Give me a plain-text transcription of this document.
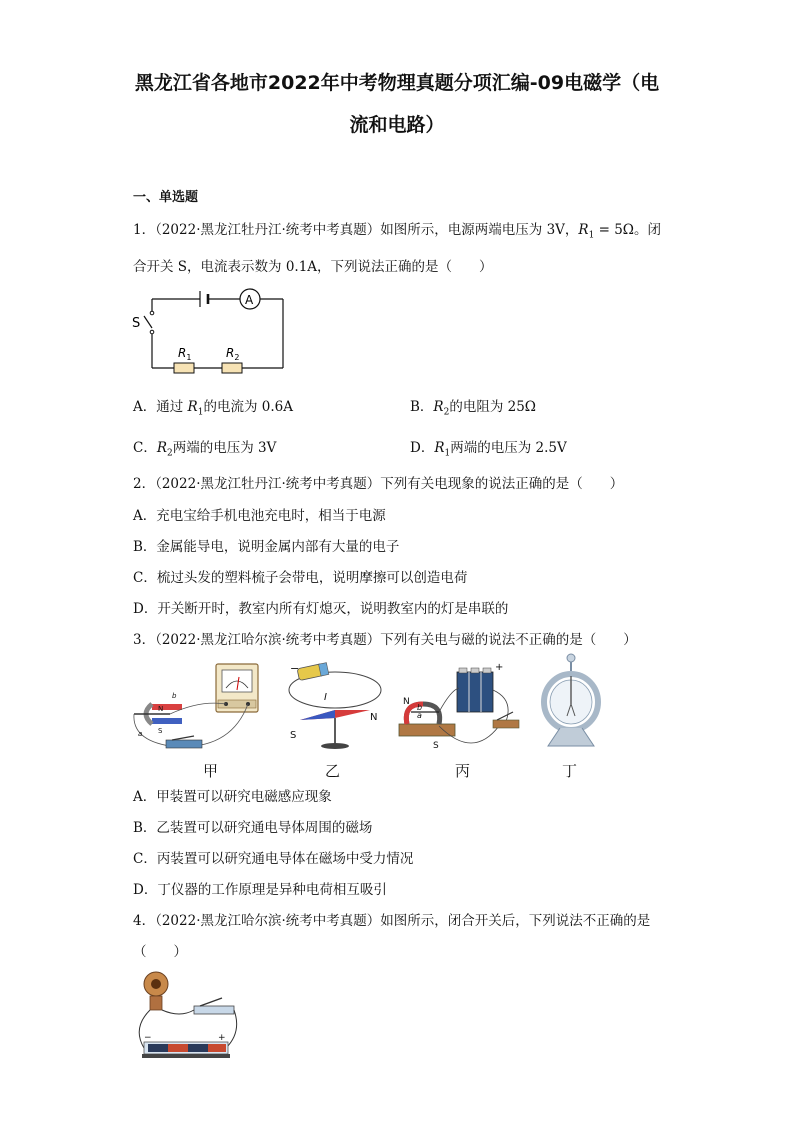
黑龙江省各地市2022年中考物理真题分项汇编-09电磁学（电
流和电路）
一、单选题
1．（2022·黑龙江牡丹江·统考中考真题）如图所示，电源两端电压为 3V，$R_1 = 5\Omega$。闭
合开关 S，电流表示数为 0.1A，下列说法正确的是（　　）
S
A
$R_1$	$R_2$
A．通过 $R_1$的电流为 0.6A	B．$R_2$的电阻为 25Ω
C．$R_2$两端的电压为 3V	D．$R_1$两端的电压为 2.5V
2．（2022·黑龙江牡丹江·统考中考真题）下列有关电现象的说法正确的是（　　）
A．充电宝给手机电池充电时，相当于电源
B．金属能导电，说明金属内部有大量的电子
C．梳过头发的塑料梳子会带电，说明摩擦可以创造电荷
D．开关断开时，教室内所有灯熄灭，说明教室内的灯是串联的
3．（2022·黑龙江哈尔滨·统考中考真题）下列有关电与磁的说法不正确的是（　　）
N
S
a
b
−
I
N
S
+
N
b
a
S
甲	乙	丙	丁
A．甲装置可以研究电磁感应现象
B．乙装置可以研究通电导体周围的磁场
C．丙装置可以研究通电导体在磁场中受力情况
D．丁仪器的工作原理是异种电荷相互吸引
4．（2022·黑龙江哈尔滨·统考中考真题）如图所示，闭合开关后，下列说法不正确的是
（　　）
−	+
